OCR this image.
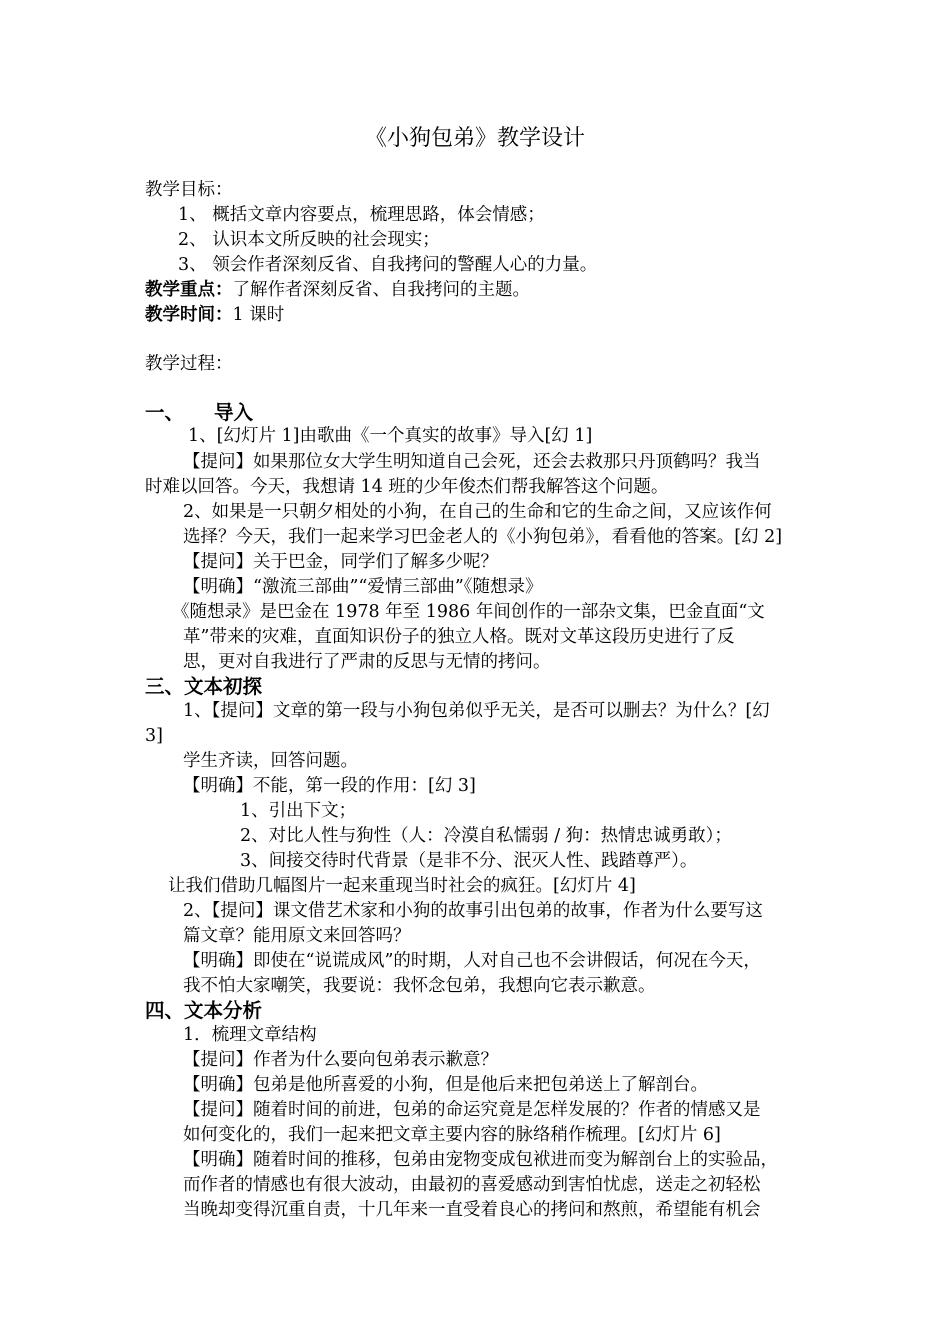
《小狗包弟》教学设计
教学目标：
1、 概括文章内容要点，梳理思路，体会情感；
2、 认识本文所反映的社会现实；
3、 领会作者深刻反省、自我拷问的警醒人心的力量。
教学重点：了解作者深刻反省、自我拷问的主题。
教学时间：1 课时
教学过程：
一、 导入
1、[幻灯片 1]由歌曲《一个真实的故事》导入[幻 1]
【提问】如果那位女大学生明知道自己会死，还会去救那只丹顶鹤吗？我当
时难以回答。今天，我想请 14 班的少年俊杰们帮我解答这个问题。
2、如果是一只朝夕相处的小狗，在自己的生命和它的生命之间，又应该作何
选择？今天，我们一起来学习巴金老人的《小狗包弟》，看看他的答案。[幻 2]
【提问】关于巴金，同学们了解多少呢？
【明确】“激流三部曲”“爱情三部曲”《随想录》
《随想录》是巴金在 1978 年至 1986 年间创作的一部杂文集，巴金直面“文
革”带来的灾难，直面知识份子的独立人格。既对文革这段历史进行了反
思，更对自我进行了严肃的反思与无情的拷问。
三、文本初探
1、【提问】文章的第一段与小狗包弟似乎无关，是否可以删去？为什么？[幻
3]
学生齐读，回答问题。
【明确】不能，第一段的作用：[幻 3]
1、引出下文；
2、对比人性与狗性（人：冷漠自私懦弱 / 狗：热情忠诚勇敢）；
3、间接交待时代背景（是非不分、泯灭人性、践踏尊严）。
让我们借助几幅图片一起来重现当时社会的疯狂。[幻灯片 4]
2、【提问】课文借艺术家和小狗的故事引出包弟的故事，作者为什么要写这
篇文章？能用原文来回答吗？
【明确】即使在“说谎成风”的时期，人对自己也不会讲假话，何况在今天，
我不怕大家嘲笑，我要说：我怀念包弟，我想向它表示歉意。
四、文本分析
1．梳理文章结构
【提问】作者为什么要向包弟表示歉意？
【明确】包弟是他所喜爱的小狗，但是他后来把包弟送上了解剖台。
【提问】随着时间的前进，包弟的命运究竟是怎样发展的？作者的情感又是
如何变化的，我们一起来把文章主要内容的脉络稍作梳理。[幻灯片 6]
【明确】随着时间的推移，包弟由宠物变成包袱进而变为解剖台上的实验品，
而作者的情感也有很大波动，由最初的喜爱感动到害怕忧虑，送走之初轻松
当晚却变得沉重自责，十几年来一直受着良心的拷问和熬煎，希望能有机会
